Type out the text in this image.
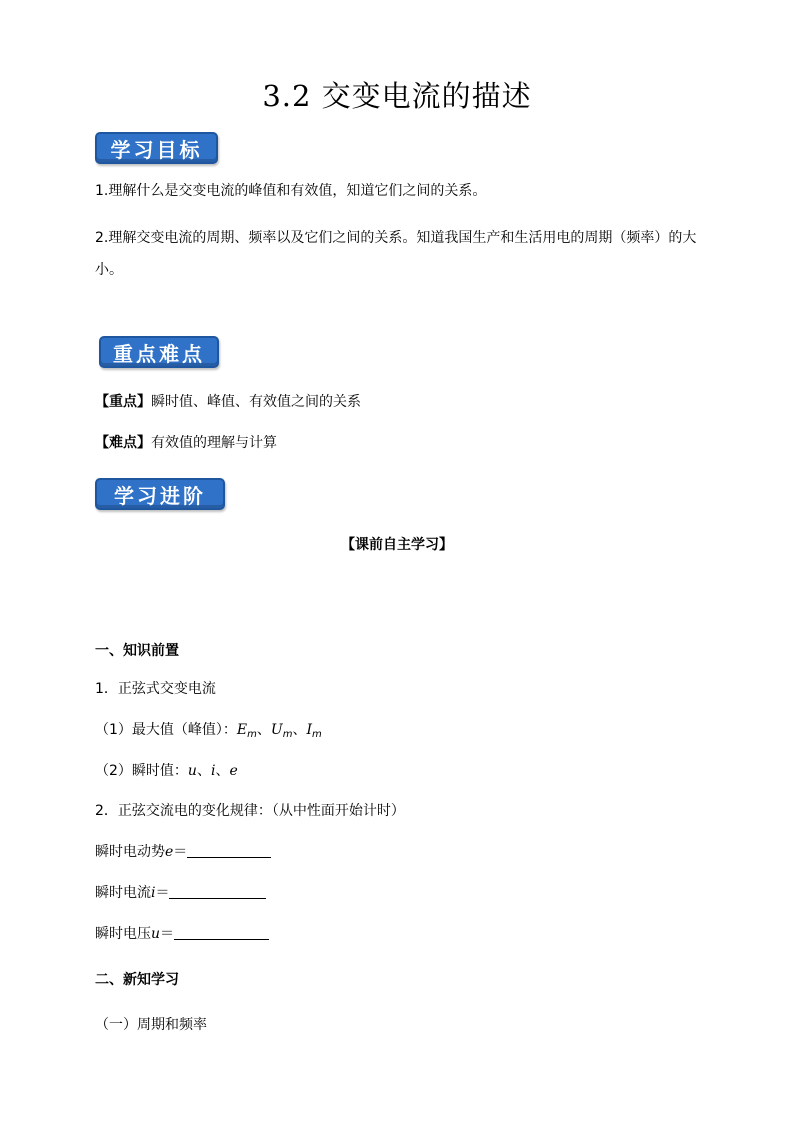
3.2 交变电流的描述
学习目标
1.理解什么是交变电流的峰值和有效值，知道它们之间的关系。
2.理解交变电流的周期、频率以及它们之间的关系。知道我国生产和生活用电的周期（频率）的大
小。
重点难点
【重点】瞬时值、峰值、有效值之间的关系
【难点】有效值的理解与计算
学习进阶
【课前自主学习】
一、知识前置
1．正弦式交变电流
（1）最大值（峰值）：$E_m$、$U_m$、$I_m$
（2）瞬时值：u、i、e
2．正弦交流电的变化规律：（从中性面开始计时）
瞬时电动势e＝
瞬时电流i＝
瞬时电压u＝
二、新知学习
（一）周期和频率
